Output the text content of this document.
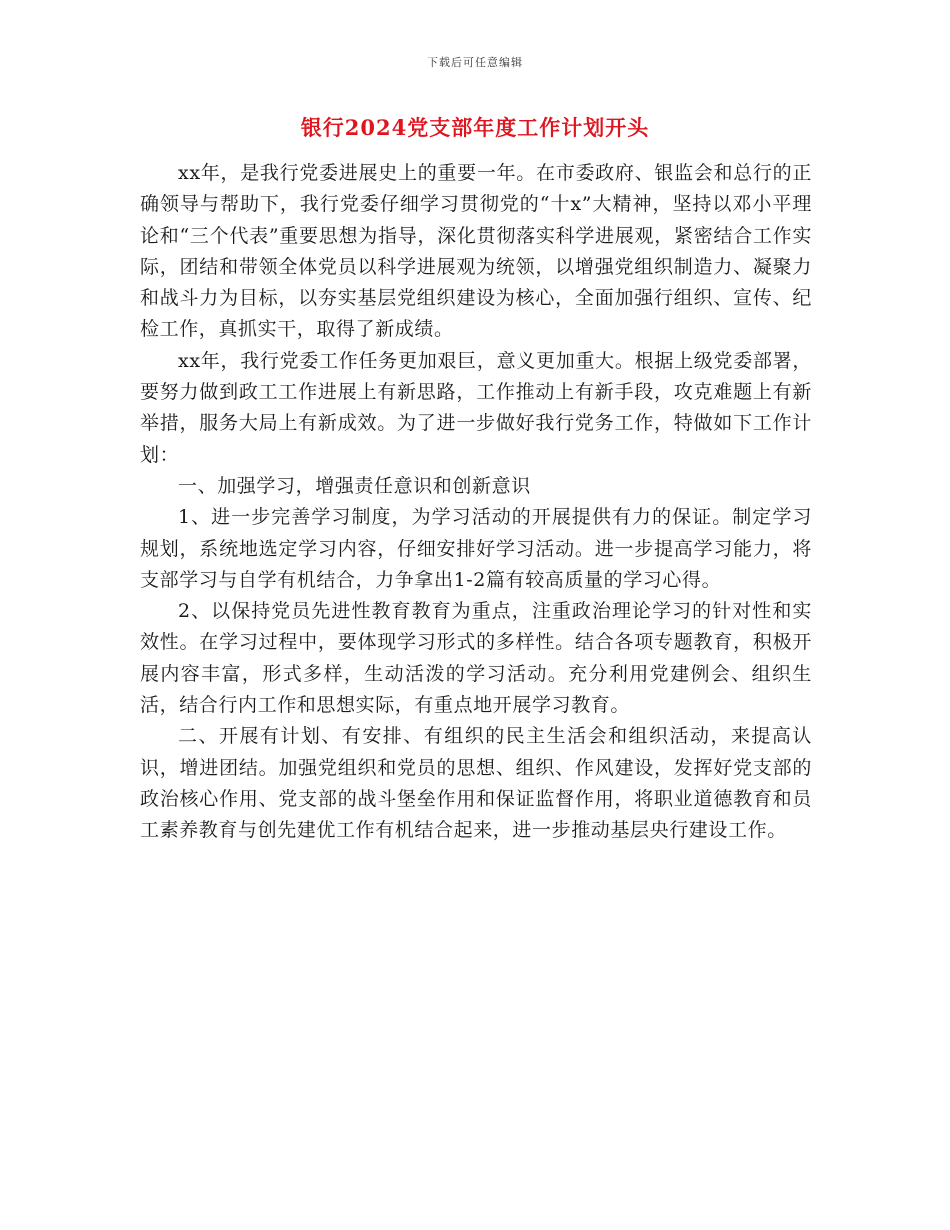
下载后可任意编辑
银行2024党支部年度工作计划开头

xx年，是我行党委进展史上的重要一年。在市委政府、银监会和总行的正确领导与帮助下，我行党委仔细学习贯彻党的“十x”大精神，坚持以邓小平理论和“三个代表”重要思想为指导，深化贯彻落实科学进展观，紧密结合工作实际，团结和带领全体党员以科学进展观为统领，以增强党组织制造力、凝聚力和战斗力为目标，以夯实基层党组织建设为核心，全面加强行组织、宣传、纪检工作，真抓实干，取得了新成绩。

xx年，我行党委工作任务更加艰巨，意义更加重大。根据上级党委部署，要努力做到政工工作进展上有新思路，工作推动上有新手段，攻克难题上有新举措，服务大局上有新成效。为了进一步做好我行党务工作，特做如下工作计划：

一、加强学习，增强责任意识和创新意识

1、进一步完善学习制度，为学习活动的开展提供有力的保证。制定学习规划，系统地选定学习内容，仔细安排好学习活动。进一步提高学习能力，将支部学习与自学有机结合，力争拿出1-2篇有较高质量的学习心得。

2、以保持党员先进性教育教育为重点，注重政治理论学习的针对性和实效性。在学习过程中，要体现学习形式的多样性。结合各项专题教育，积极开展内容丰富，形式多样，生动活泼的学习活动。充分利用党建例会、组织生活，结合行内工作和思想实际，有重点地开展学习教育。

二、开展有计划、有安排、有组织的民主生活会和组织活动，来提高认识，增进团结。加强党组织和党员的思想、组织、作风建设，发挥好党支部的政治核心作用、党支部的战斗堡垒作用和保证监督作用，将职业道德教育和员工素养教育与创先建优工作有机结合起来，进一步推动基层央行建设工作。
